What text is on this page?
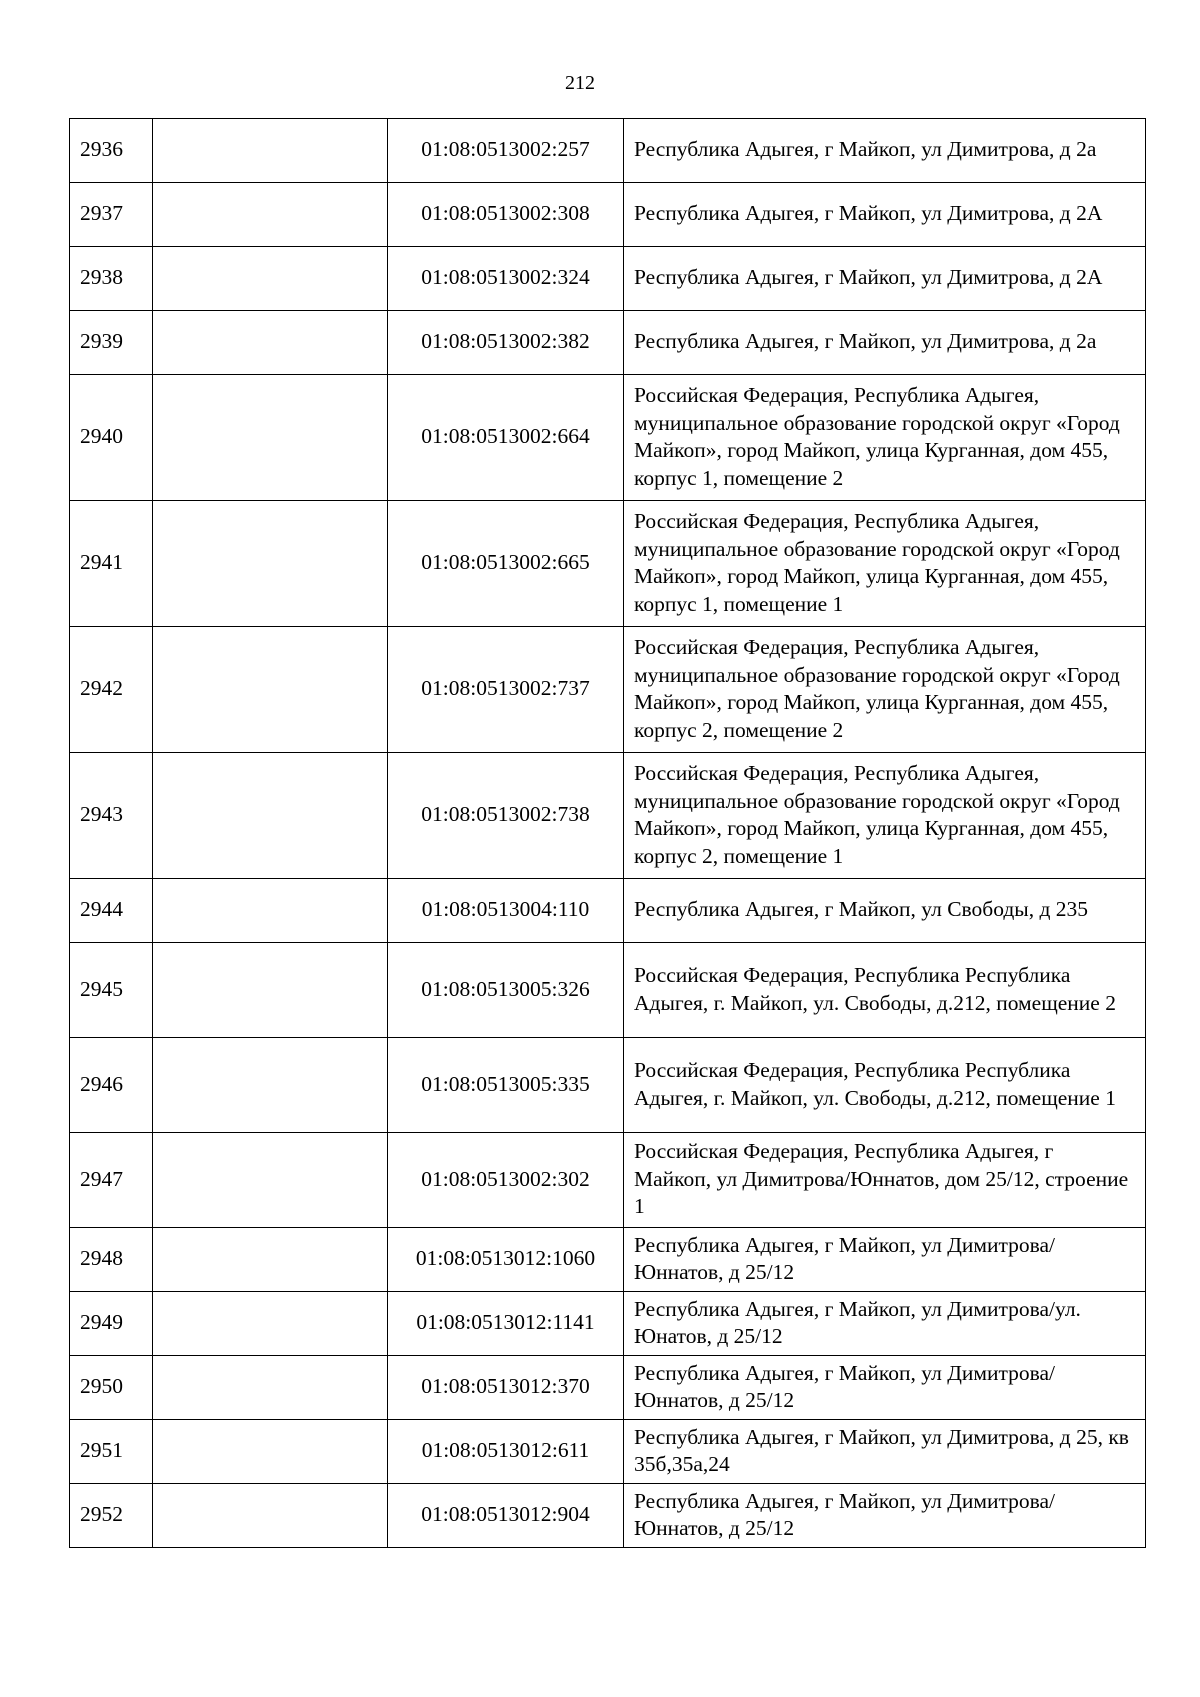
212
2936		01:08:0513002:257	Республика Адыгея, г Майкоп, ул Димитрова, д 2а
2937		01:08:0513002:308	Республика Адыгея, г Майкоп, ул Димитрова, д 2А
2938		01:08:0513002:324	Республика Адыгея, г Майкоп, ул Димитрова, д 2А
2939		01:08:0513002:382	Республика Адыгея, г Майкоп, ул Димитрова, д 2а
2940		01:08:0513002:664	Российская Федерация, Республика Адыгея, муниципальное образование городской округ «Город Майкоп», город Майкоп, улица Курганная, дом 455, корпус 1, помещение 2
2941		01:08:0513002:665	Российская Федерация, Республика Адыгея, муниципальное образование городской округ «Город Майкоп», город Майкоп, улица Курганная, дом 455, корпус 1, помещение 1
2942		01:08:0513002:737	Российская Федерация, Республика Адыгея, муниципальное образование городской округ «Город Майкоп», город Майкоп, улица Курганная, дом 455, корпус 2, помещение 2
2943		01:08:0513002:738	Российская Федерация, Республика Адыгея, муниципальное образование городской округ «Город Майкоп», город Майкоп, улица Курганная, дом 455, корпус 2, помещение 1
2944		01:08:0513004:110	Республика Адыгея, г Майкоп, ул Свободы, д 235
2945		01:08:0513005:326	Российская Федерация, Республика Республика Адыгея, г. Майкоп, ул. Свободы, д.212, помещение 2
2946		01:08:0513005:335	Российская Федерация, Республика Республика Адыгея, г. Майкоп, ул. Свободы, д.212, помещение 1
2947		01:08:0513002:302	Российская Федерация, Республика Адыгея, г Майкоп, ул Димитрова/Юннатов, дом 25/12, строение 1
2948		01:08:0513012:1060	Республика Адыгея, г Майкоп, ул Димитрова/Юннатов, д 25/12
2949		01:08:0513012:1141	Республика Адыгея, г Майкоп, ул Димитрова/ул. Юнатов, д 25/12
2950		01:08:0513012:370	Республика Адыгея, г Майкоп, ул Димитрова/Юннатов, д 25/12
2951		01:08:0513012:611	Республика Адыгея, г Майкоп, ул Димитрова, д 25, кв 35б,35а,24
2952		01:08:0513012:904	Республика Адыгея, г Майкоп, ул Димитрова/Юннатов, д 25/12
